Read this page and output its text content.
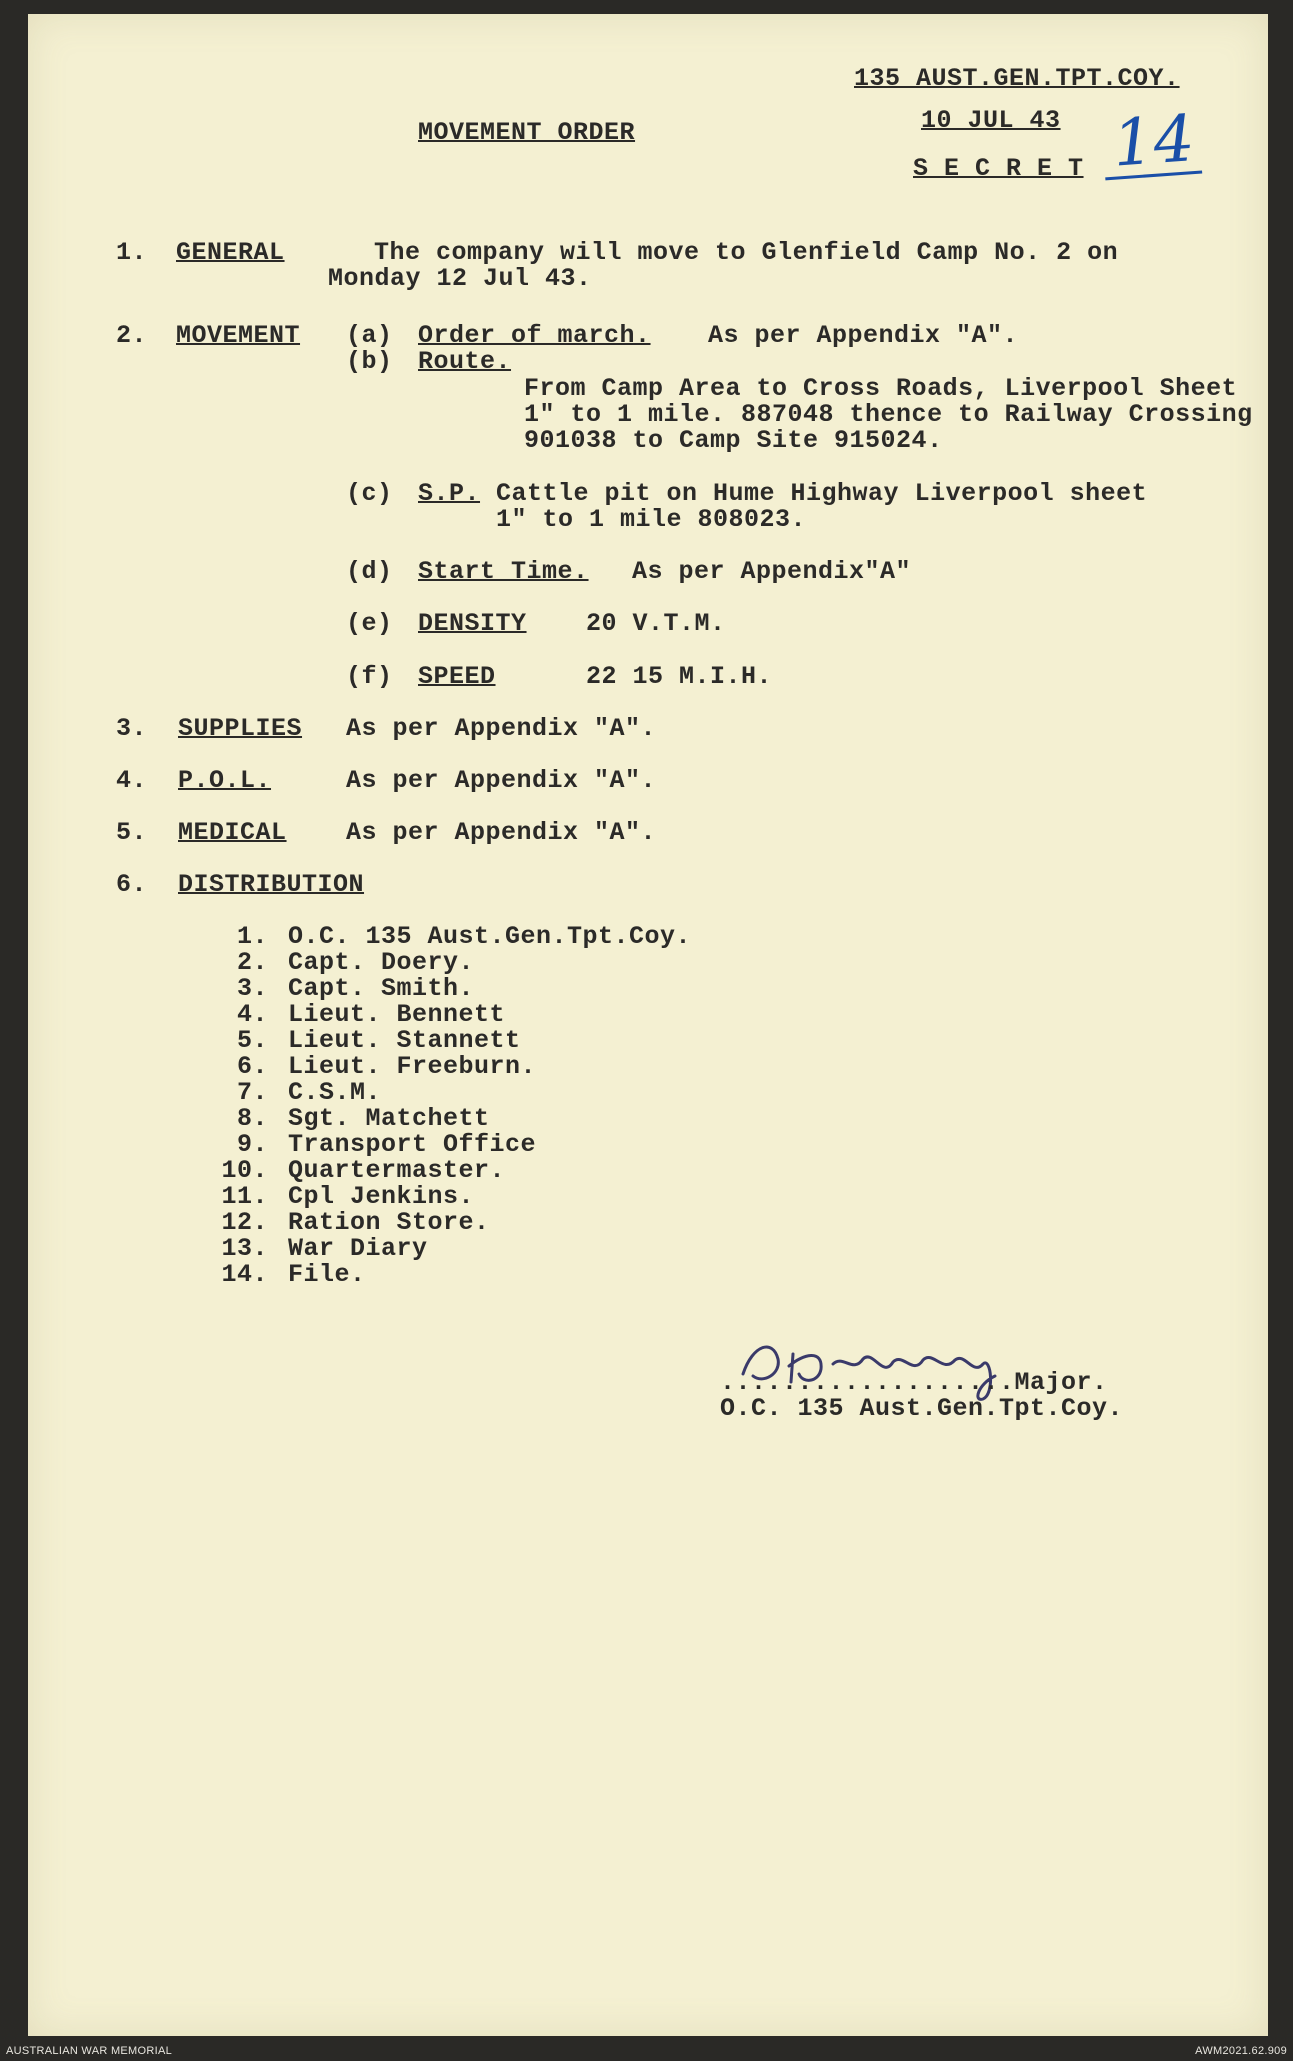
135 AUST.GEN.TPT.COY.
10 JUL 43
S E C R E T
MOVEMENT ORDER	14
1. GENERAL	The company will move to Glenfield Camp No. 2 on
Monday 12 Jul 43.
2. MOVEMENT (a) Order of march. As per Appendix "A".
(b) Route.
From Camp Area to Cross Roads, Liverpool Sheet
1" to 1 mile. 887048 thence to Railway Crossing
901038 to Camp Site 915024.
(c) S.P. Cattle pit on Hume Highway Liverpool sheet
1" to 1 mile 808023.
(d) Start Time. As per Appendix"A"
(e) DENSITY 20 V.T.M.
(f) SPEED	22 15 M.I.H.
3. SUPPLIES As per Appendix "A".
4. P.O.L.	As per Appendix "A".
5. MEDICAL As per Appendix "A".
6. DISTRIBUTION
1. O.C. 135 Aust.Gen.Tpt.Coy.
2. Capt. Doery.
3. Capt. Smith.
4. Lieut. Bennett
5. Lieut. Stannett
6. Lieut. Freeburn.
7. C.S.M.
8. Sgt. Matchett
9. Transport Office
10. Quartermaster.
11. Cpl Jenkins.
12. Ration Store.
13. War Diary
14. File.
...................Major.
O.C. 135 Aust.Gen.Tpt.Coy.
AUSTRALIAN WAR MEMORIAL	AWM2021.62.909
